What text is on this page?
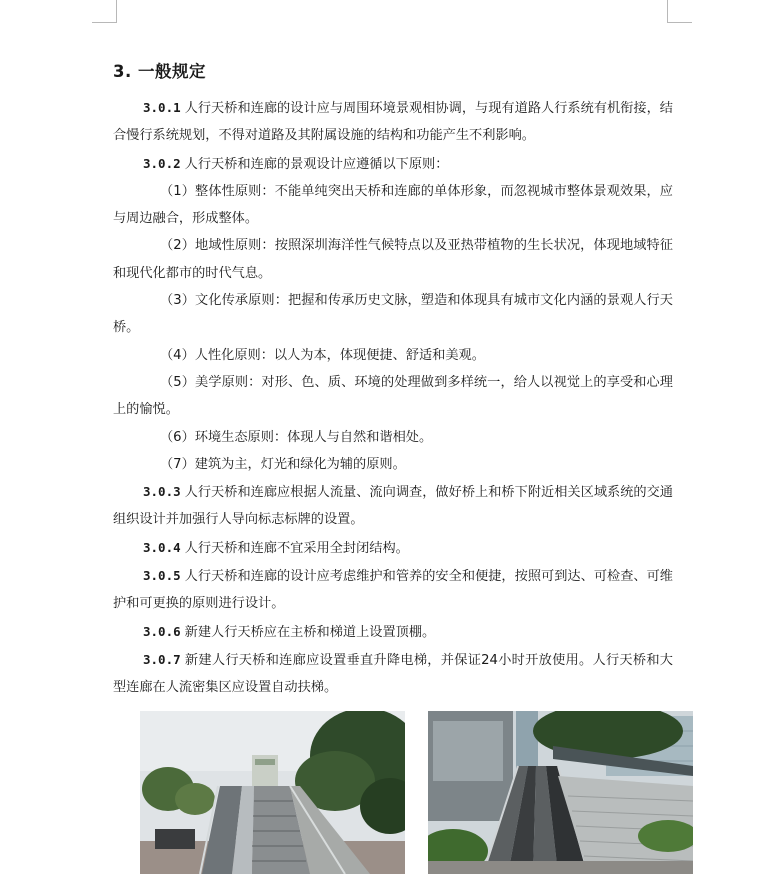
3. 一般规定

3.0.1 人行天桥和连廊的设计应与周围环境景观相协调，与现有道路人行系统有机衔接，结合慢行系统规划，不得对道路及其附属设施的结构和功能产生不利影响。

3.0.2 人行天桥和连廊的景观设计应遵循以下原则：

（1）整体性原则：不能单纯突出天桥和连廊的单体形象，而忽视城市整体景观效果，应与周边融合，形成整体。

（2）地域性原则：按照深圳海洋性气候特点以及亚热带植物的生长状况，体现地域特征和现代化都市的时代气息。

（3）文化传承原则：把握和传承历史文脉，塑造和体现具有城市文化内涵的景观人行天桥。

（4）人性化原则：以人为本，体现便捷、舒适和美观。

（5）美学原则：对形、色、质、环境的处理做到多样统一，给人以视觉上的享受和心理上的愉悦。

（6）环境生态原则：体现人与自然和谐相处。

（7）建筑为主，灯光和绿化为辅的原则。

3.0.3 人行天桥和连廊应根据人流量、流向调查，做好桥上和桥下附近相关区域系统的交通组织设计并加强行人导向标志标牌的设置。

3.0.4 人行天桥和连廊不宜采用全封闭结构。

3.0.5 人行天桥和连廊的设计应考虑维护和管养的安全和便捷，按照可到达、可检查、可维护和可更换的原则进行设计。

3.0.6 新建人行天桥应在主桥和梯道上设置顶棚。

3.0.7 新建人行天桥和连廊应设置垂直升降电梯，并保证24小时开放使用。人行天桥和大型连廊在人流密集区应设置自动扶梯。
